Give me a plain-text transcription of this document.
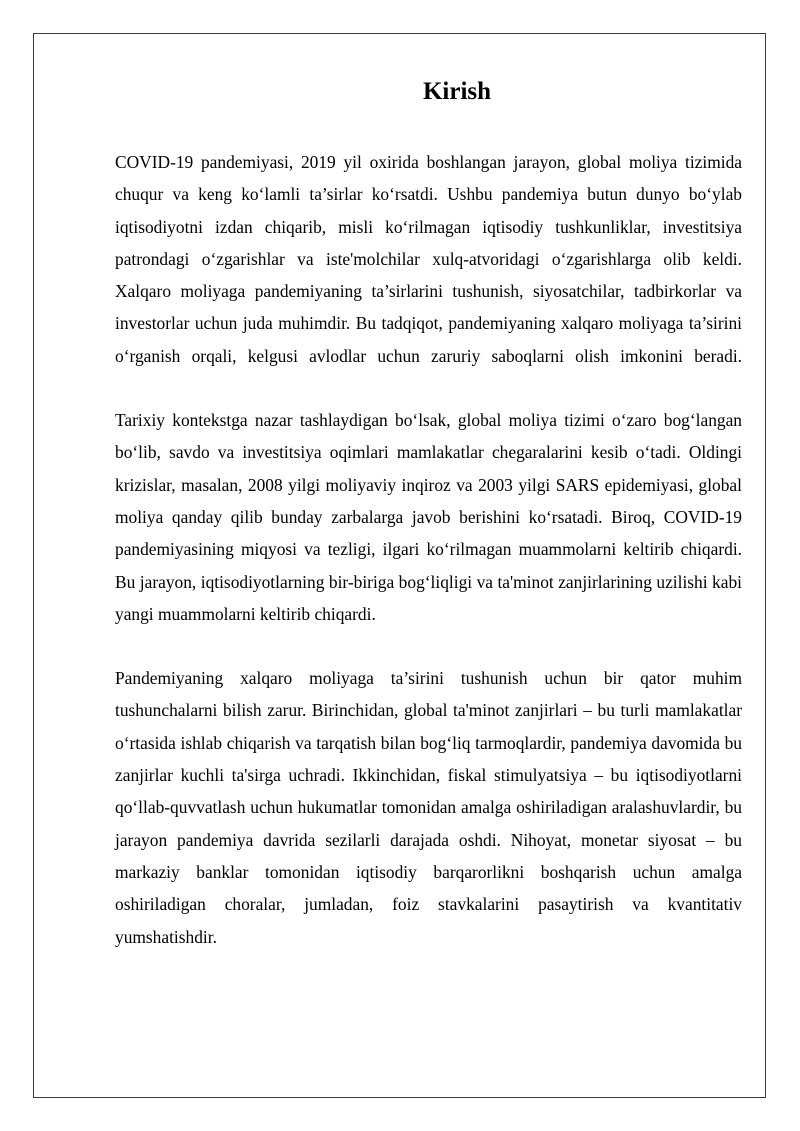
Kirish

COVID-19 pandemiyasi, 2019 yil oxirida boshlangan jarayon, global moliya tizimida chuqur va keng ko‘lamli ta’sirlar ko‘rsatdi. Ushbu pandemiya butun dunyo bo‘ylab iqtisodiyotni izdan chiqarib, misli ko‘rilmagan iqtisodiy tushkunliklar, investitsiya patrondagi o‘zgarishlar va iste'molchilar xulq-atvoridagi o‘zgarishlarga olib keldi. Xalqaro moliyaga pandemiyaning ta’sirlarini tushunish, siyosatchilar, tadbirkorlar va investorlar uchun juda muhimdir. Bu tadqiqot, pandemiyaning xalqaro moliyaga ta’sirini o‘rganish orqali, kelgusi avlodlar uchun zaruriy saboqlarni olish imkonini beradi.

Tarixiy kontekstga nazar tashlaydigan bo‘lsak, global moliya tizimi o‘zaro bog‘langan bo‘lib, savdo va investitsiya oqimlari mamlakatlar chegaralarini kesib o‘tadi. Oldingi krizislar, masalan, 2008 yilgi moliyaviy inqiroz va 2003 yilgi SARS epidemiyasi, global moliya qanday qilib bunday zarbalarga javob berishini ko‘rsatadi. Biroq, COVID-19 pandemiyasining miqyosi va tezligi, ilgari ko‘rilmagan muammolarni keltirib chiqardi. Bu jarayon, iqtisodiyotlarning bir-biriga bog‘liqligi va ta'minot zanjirlarining uzilishi kabi yangi muammolarni keltirib chiqardi.

Pandemiyaning xalqaro moliyaga ta’sirini tushunish uchun bir qator muhim tushunchalarni bilish zarur. Birinchidan, global ta'minot zanjirlari – bu turli mamlakatlar o‘rtasida ishlab chiqarish va tarqatish bilan bog‘liq tarmoqlardir, pandemiya davomida bu zanjirlar kuchli ta'sirga uchradi. Ikkinchidan, fiskal stimulyatsiya – bu iqtisodiyotlarni qo‘llab-quvvatlash uchun hukumatlar tomonidan amalga oshiriladigan aralashuvlardir, bu jarayon pandemiya davrida sezilarli darajada oshdi. Nihoyat, monetar siyosat – bu markaziy banklar tomonidan iqtisodiy barqarorlikni boshqarish uchun amalga oshiriladigan choralar, jumladan, foiz stavkalarini pasaytirish va kvantitativ yumshatishdir.
